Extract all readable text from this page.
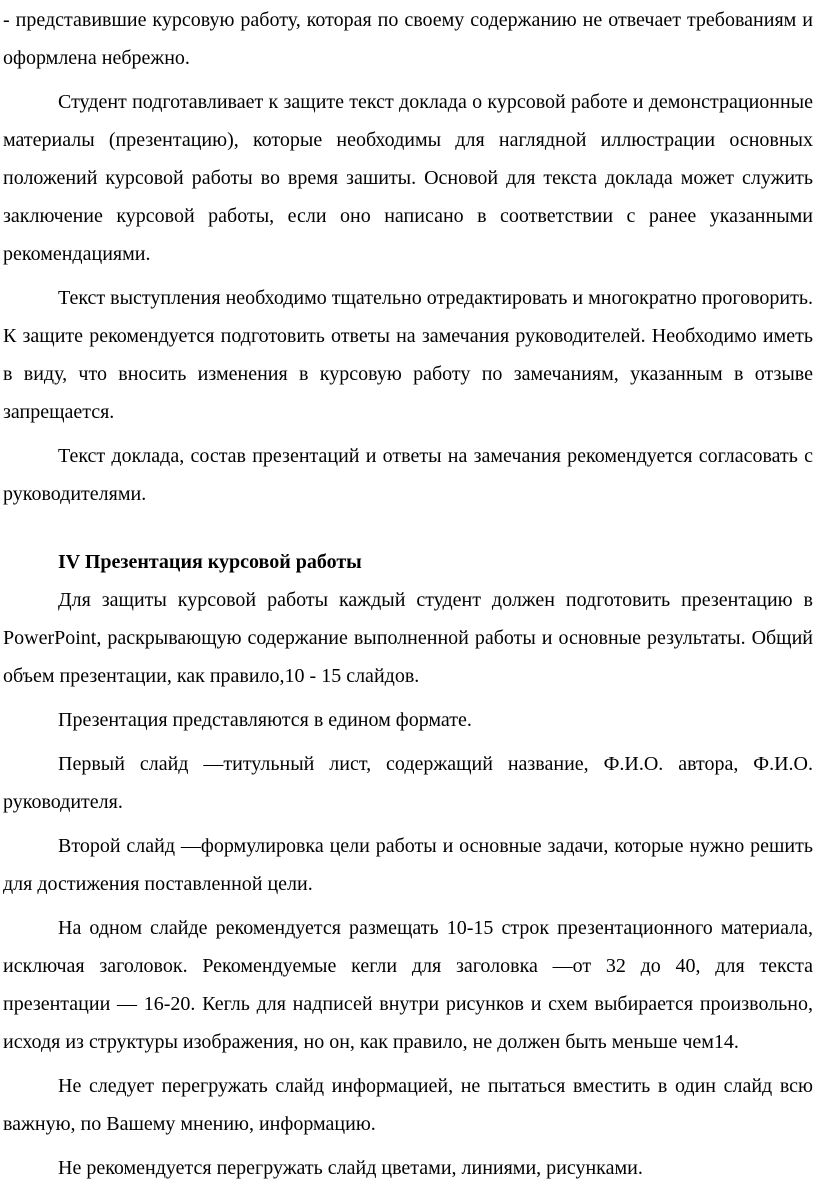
- представившие курсовую работу, которая по своему содержанию не отвечает требованиям и оформлена небрежно.

Студент подготавливает к защите текст доклада о курсовой работе и демонстрационные материалы (презентацию), которые необходимы для наглядной иллюстрации основных положений курсовой работы во время зашиты. Основой для текста доклада может служить заключение курсовой работы, если оно написано в соответствии с ранее указанными рекомендациями.

Текст выступления необходимо тщательно отредактировать и многократно проговорить. К защите рекомендуется подготовить ответы на замечания руководителей. Необходимо иметь в виду, что вносить изменения в курсовую работу по замечаниям, указанным в отзыве запрещается.

Текст доклада, состав презентаций и ответы на замечания рекомендуется согласовать с руководителями.

IV Презентация курсовой работы

Для защиты курсовой работы каждый студент должен подготовить презентацию в PowerPoint, раскрывающую содержание выполненной работы и основные результаты. Общий объем презентации, как правило,10 - 15 слайдов.

Презентация представляются в едином формате.

Первый слайд —титульный лист, содержащий название, Ф.И.О. автора, Ф.И.О. руководителя.

Второй слайд —формулировка цели работы и основные задачи, которые нужно решить для достижения поставленной цели.

На одном слайде рекомендуется размещать 10-15 строк презентационного материала, исключая заголовок. Рекомендуемые кегли для заголовка —от 32 до 40, для текста презентации — 16-20. Кегль для надписей внутри рисунков и схем выбирается произвольно, исходя из структуры изображения, но он, как правило, не должен быть меньше чем14.

Не следует перегружать слайд информацией, не пытаться вместить в один слайд всю важную, по Вашему мнению, информацию.

Не рекомендуется перегружать слайд цветами, линиями, рисунками.
